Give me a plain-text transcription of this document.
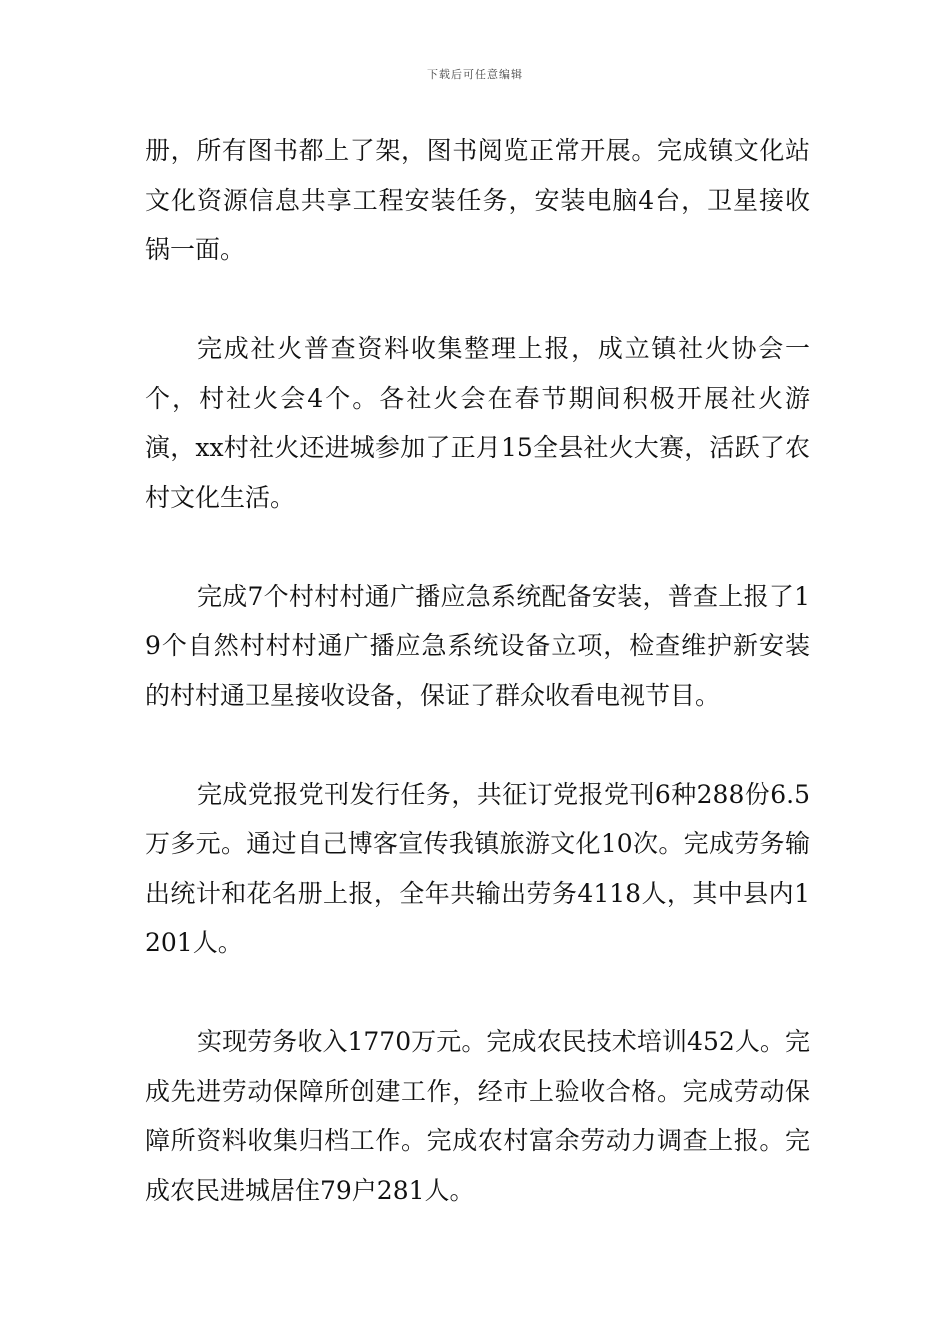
下载后可任意编辑

册，所有图书都上了架，图书阅览正常开展。完成镇文化站文化资源信息共享工程安装任务，安装电脑4台，卫星接收锅一面。

完成社火普查资料收集整理上报，成立镇社火协会一个，村社火会4个。各社火会在春节期间积极开展社火游演，xx村社火还进城参加了正月15全县社火大赛，活跃了农村文化生活。

完成7个村村村通广播应急系统配备安装，普查上报了19个自然村村村通广播应急系统设备立项，检查维护新安装的村村通卫星接收设备，保证了群众收看电视节目。

完成党报党刊发行任务，共征订党报党刊6种288份6.5万多元。通过自己博客宣传我镇旅游文化10次。完成劳务输出统计和花名册上报，全年共输出劳务4118人，其中县内1201人。

实现劳务收入1770万元。完成农民技术培训452人。完成先进劳动保障所创建工作，经市上验收合格。完成劳动保障所资料收集归档工作。完成农村富余劳动力调查上报。完成农民进城居住79户281人。
